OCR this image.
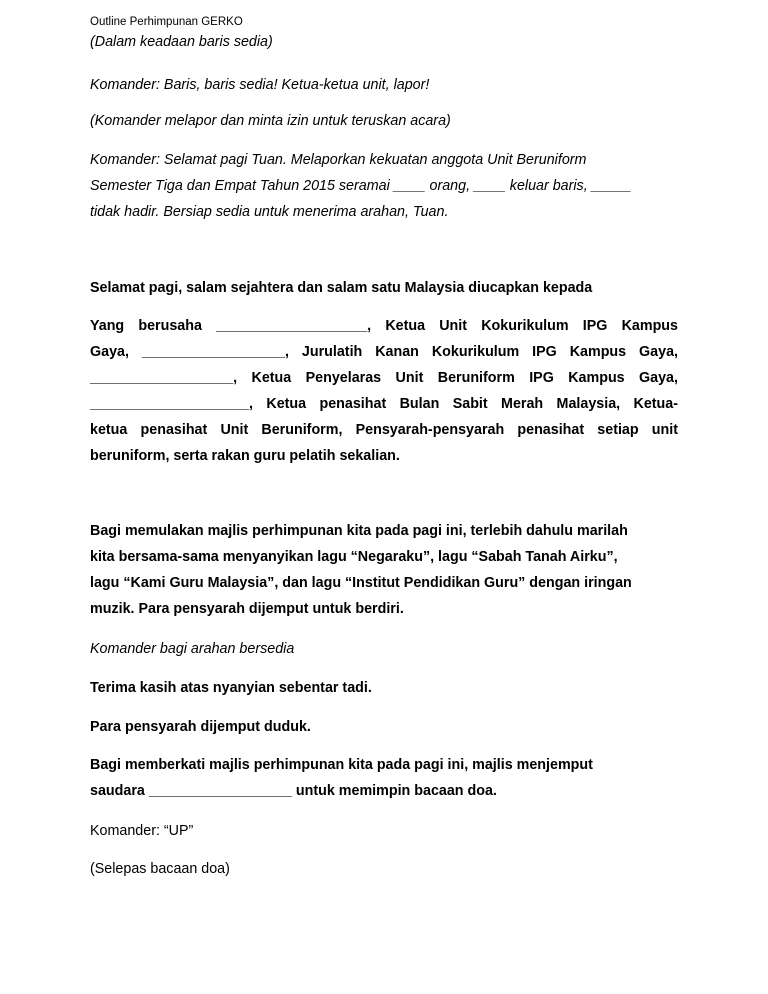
Outline Perhimpunan GERKO

(Dalam keadaan baris sedia)

Komander: Baris, baris sedia! Ketua-ketua unit, lapor!

(Komander melapor dan minta izin untuk teruskan acara)

Komander: Selamat pagi Tuan. Melaporkan kekuatan anggota Unit Beruniform
Semester Tiga dan Empat Tahun 2015 seramai ____ orang, ____ keluar baris, _____
tidak hadir. Bersiap sedia untuk menerima arahan, Tuan.

Selamat pagi, salam sejahtera dan salam satu Malaysia diucapkan kepada

Yang berusaha ___________________, Ketua Unit Kokurikulum IPG Kampus
Gaya, __________________, Jurulatih Kanan Kokurikulum IPG Kampus Gaya,
__________________, Ketua Penyelaras Unit Beruniform IPG Kampus Gaya,
____________________, Ketua penasihat Bulan Sabit Merah Malaysia, Ketua-
ketua penasihat Unit Beruniform, Pensyarah-pensyarah penasihat setiap unit
beruniform, serta rakan guru pelatih sekalian.
Bagi memulakan majlis perhimpunan kita pada pagi ini, terlebih dahulu marilah
kita bersama-sama menyanyikan lagu “Negaraku”, lagu “Sabah Tanah Airku”,
lagu “Kami Guru Malaysia”, dan lagu “Institut Pendidikan Guru” dengan iringan
muzik. Para pensyarah dijemput untuk berdiri.

Komander bagi arahan bersedia

Terima kasih atas nyanyian sebentar tadi.

Para pensyarah dijemput duduk.

Bagi memberkati majlis perhimpunan kita pada pagi ini, majlis menjemput
saudara __________________ untuk memimpin bacaan doa.

Komander: “UP”

(Selepas bacaan doa)
